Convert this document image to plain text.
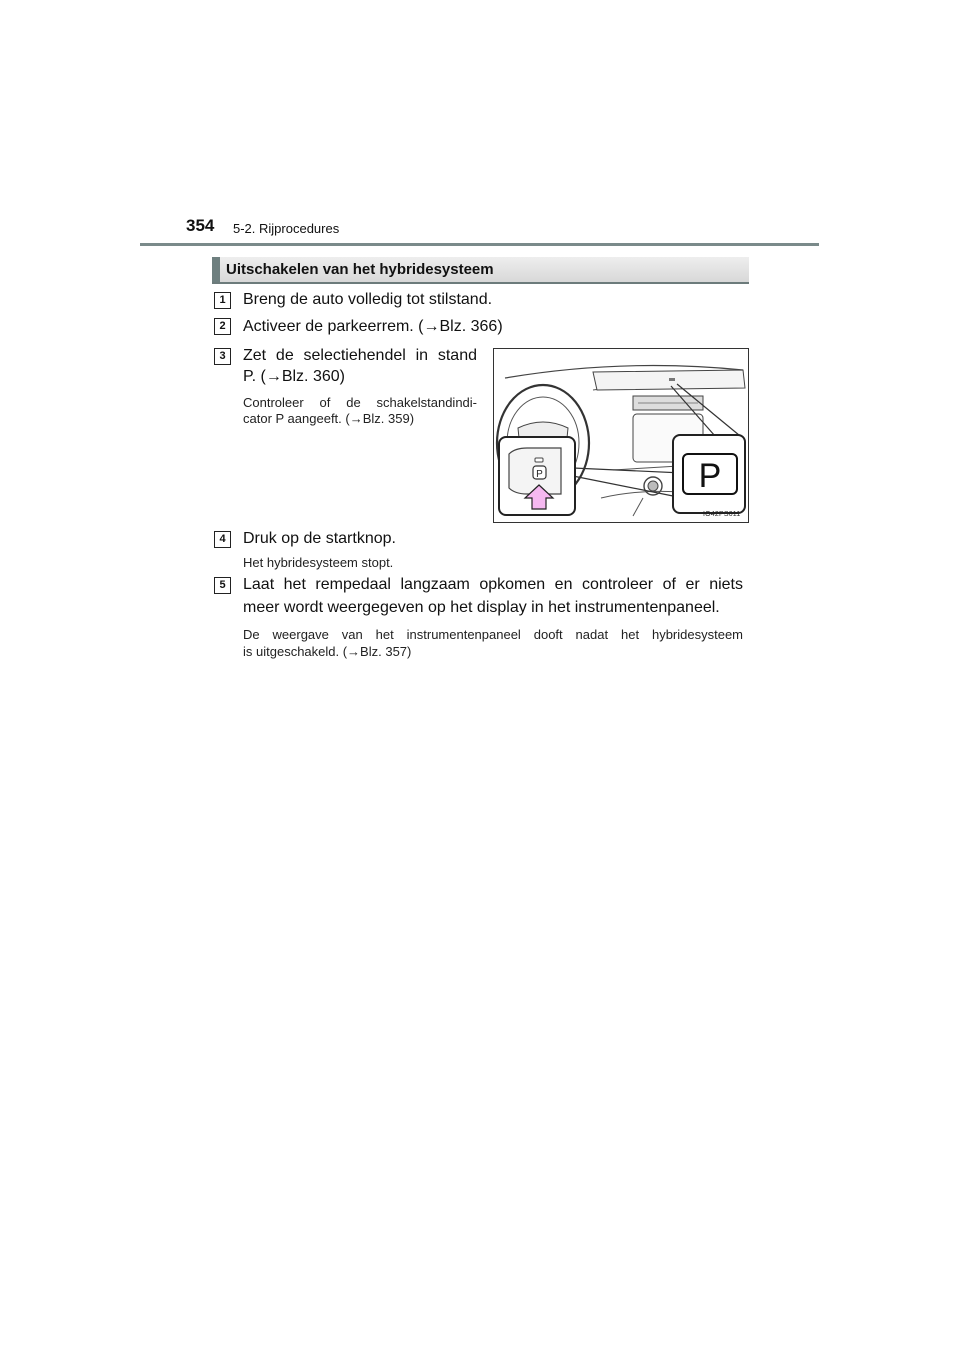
354 5-2. Rijprocedures
Uitschakelen van het hybridesysteem
1	Breng de auto volledig tot stilstand.
2	Activeer de parkeerrem. (→Blz. 366)
3	Zet de selectiehendel in stand
P. (→Blz. 360)
Controleer of de schakelstandindi-
cator P aangeeft. (→Blz. 359)
P	P
IO42PS011
4	Druk op de startknop.
Het hybridesysteem stopt.
5	Laat het rempedaal langzaam opkomen en controleer of er niets
meer wordt weergegeven op het display in het instrumentenpaneel.
De weergave van het instrumentenpaneel dooft nadat het hybridesysteem
is uitgeschakeld. (→Blz. 357)
